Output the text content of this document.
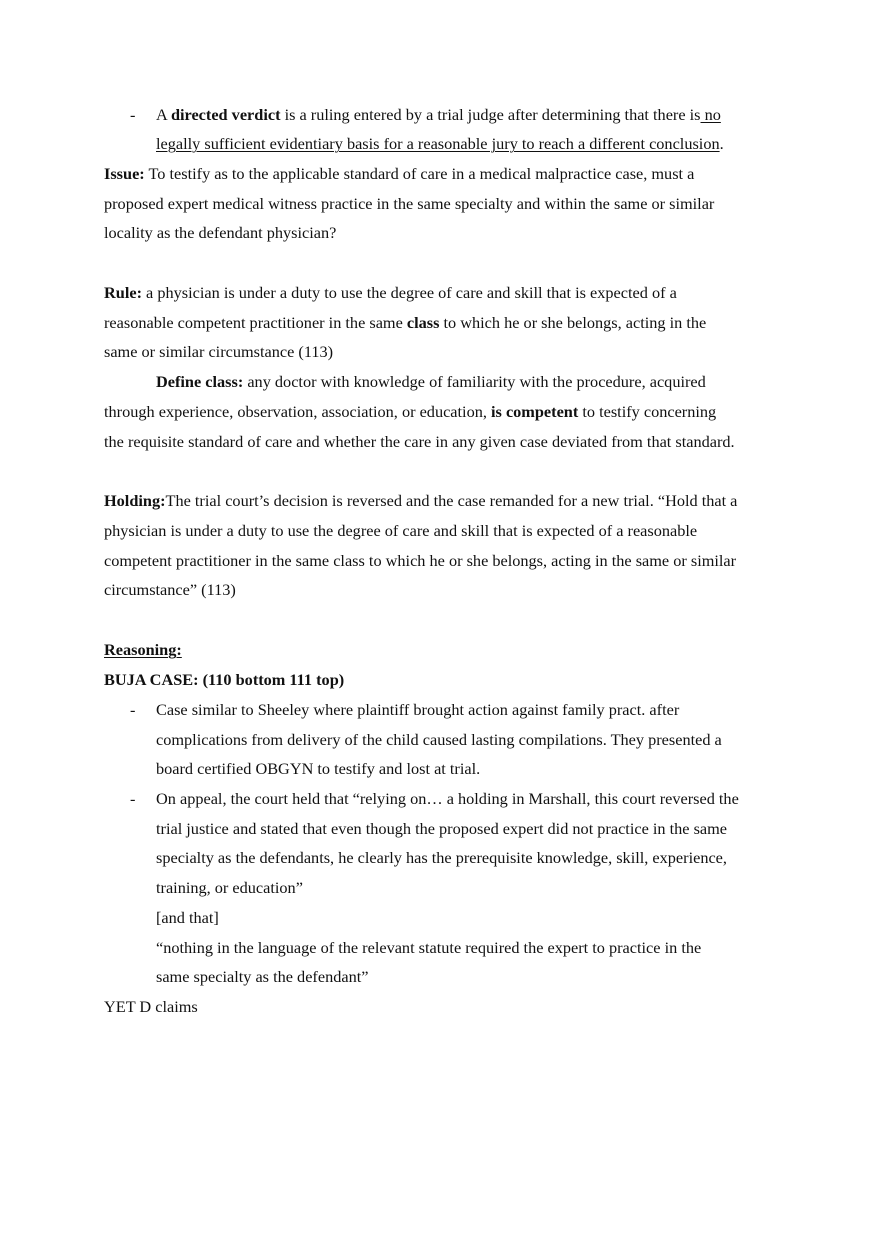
- A directed verdict is a ruling entered by a trial judge after determining that there is no
legally sufficient evidentiary basis for a reasonable jury to reach a different conclusion.
Issue: To testify as to the applicable standard of care in a medical malpractice case, must a
proposed expert medical witness practice in the same specialty and within the same or similar
locality as the defendant physician?
Rule: a physician is under a duty to use the degree of care and skill that is expected of a
reasonable competent practitioner in the same class to which he or she belongs, acting in the
same or similar circumstance (113)
Define class: any doctor with knowledge of familiarity with the procedure, acquired
through experience, observation, association, or education, is competent to testify concerning
the requisite standard of care and whether the care in any given case deviated from that standard.
Holding:The trial court’s decision is reversed and the case remanded for a new trial. “Hold that a
physician is under a duty to use the degree of care and skill that is expected of a reasonable
competent practitioner in the same class to which he or she belongs, acting in the same or similar
circumstance” (113)
Reasoning:
BUJA CASE: (110 bottom 111 top)
- Case similar to Sheeley where plaintiff brought action against family pract. after
complications from delivery of the child caused lasting compilations. They presented a
board certified OBGYN to testify and lost at trial.
- On appeal, the court held that “relying on… a holding in Marshall, this court reversed the
trial justice and stated that even though the proposed expert did not practice in the same
specialty as the defendants, he clearly has the prerequisite knowledge, skill, experience,
training, or education”
[and that]
“nothing in the language of the relevant statute required the expert to practice in the
same specialty as the defendant”
YET D claims
